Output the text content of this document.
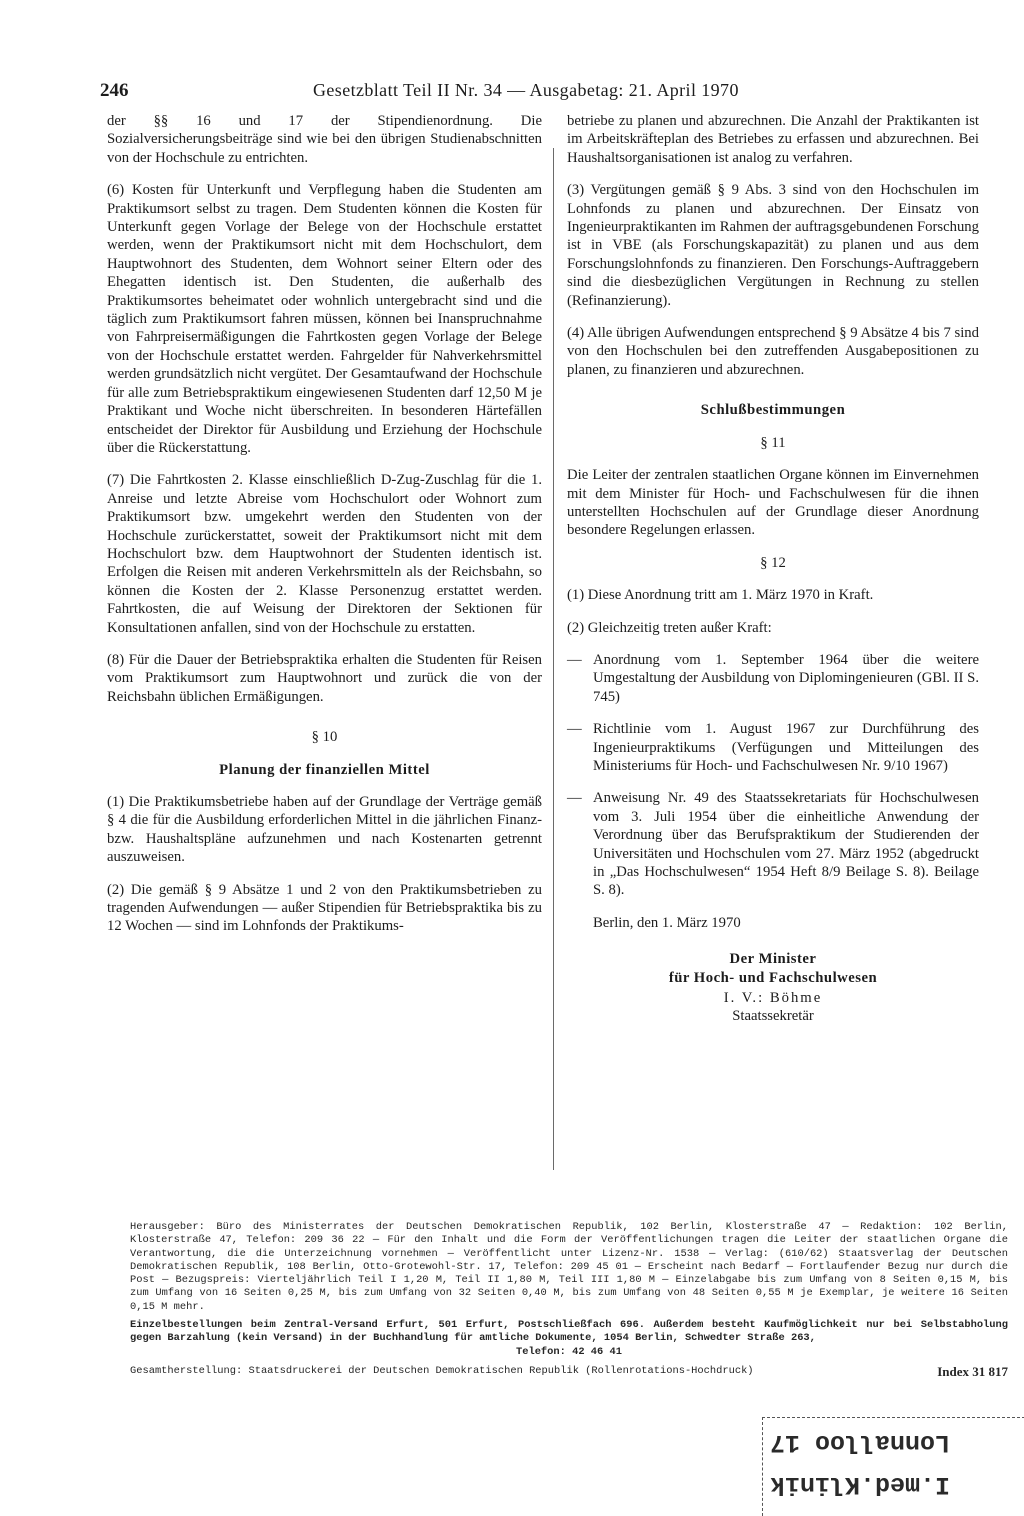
246	Gesetzblatt Teil II Nr. 34 — Ausgabetag: 21. April 1970

der §§ 16 und 17 der Stipendienordnung. Die Sozialversicherungsbeiträge sind wie bei den übrigen Studienabschnitten von der Hochschule zu entrichten.

(6) Kosten für Unterkunft und Verpflegung haben die Studenten am Praktikumsort selbst zu tragen. Dem Studenten können die Kosten für Unterkunft gegen Vorlage der Belege von der Hochschule erstattet werden, wenn der Praktikumsort nicht mit dem Hochschulort, dem Hauptwohnort des Studenten, dem Wohnort seiner Eltern oder des Ehegatten identisch ist. Den Studenten, die außerhalb des Praktikumsortes beheimatet oder wohnlich untergebracht sind und die täglich zum Praktikumsort fahren müssen, können bei Inanspruchnahme von Fahrpreisermäßigungen die Fahrtkosten gegen Vorlage der Belege von der Hochschule erstattet werden. Fahrgelder für Nahverkehrsmittel werden grundsätzlich nicht vergütet. Der Gesamtaufwand der Hochschule für alle zum Betriebspraktikum eingewiesenen Studenten darf 12,50 M je Praktikant und Woche nicht überschreiten. In besonderen Härtefällen entscheidet der Direktor für Ausbildung und Erziehung der Hochschule über die Rückerstattung.

(7) Die Fahrtkosten 2. Klasse einschließlich D-Zug-Zuschlag für die 1. Anreise und letzte Abreise vom Hochschulort oder Wohnort zum Praktikumsort bzw. umgekehrt werden den Studenten von der Hochschule zurückerstattet, soweit der Praktikumsort nicht mit dem Hochschulort bzw. dem Hauptwohnort der Studenten identisch ist. Erfolgen die Reisen mit anderen Verkehrsmitteln als der Reichsbahn, so können die Kosten der 2. Klasse Personenzug erstattet werden. Fahrtkosten, die auf Weisung der Direktoren der Sektionen für Konsultationen anfallen, sind von der Hochschule zu erstatten.

(8) Für die Dauer der Betriebspraktika erhalten die Studenten für Reisen vom Praktikumsort zum Hauptwohnort und zurück die von der Reichsbahn üblichen Ermäßigungen.

§ 10

Planung der finanziellen Mittel

(1) Die Praktikumsbetriebe haben auf der Grundlage der Verträge gemäß § 4 die für die Ausbildung erforderlichen Mittel in die jährlichen Finanz- bzw. Haushaltspläne aufzunehmen und nach Kostenarten getrennt auszuweisen.

(2) Die gemäß § 9 Absätze 1 und 2 von den Praktikumsbetrieben zu tragenden Aufwendungen — außer Stipendien für Betriebspraktika bis zu 12 Wochen — sind im Lohnfonds der Praktikums-

betriebe zu planen und abzurechnen. Die Anzahl der Praktikanten ist im Arbeitskräfteplan des Betriebes zu erfassen und abzurechnen. Bei Haushaltsorganisationen ist analog zu verfahren.

(3) Vergütungen gemäß § 9 Abs. 3 sind von den Hochschulen im Lohnfonds zu planen und abzurechnen. Der Einsatz von Ingenieurpraktikanten im Rahmen der auftragsgebundenen Forschung ist in VBE (als Forschungskapazität) zu planen und aus dem Forschungslohnfonds zu finanzieren. Den Forschungs-Auftraggebern sind die diesbezüglichen Vergütungen in Rechnung zu stellen (Refinanzierung).

(4) Alle übrigen Aufwendungen entsprechend § 9 Absätze 4 bis 7 sind von den Hochschulen bei den zutreffenden Ausgabepositionen zu planen, zu finanzieren und abzurechnen.

Schlußbestimmungen

§ 11

Die Leiter der zentralen staatlichen Organe können im Einvernehmen mit dem Minister für Hoch- und Fachschulwesen für die ihnen unterstellten Hochschulen auf der Grundlage dieser Anordnung besondere Regelungen erlassen.

§ 12

(1) Diese Anordnung tritt am 1. März 1970 in Kraft.

(2) Gleichzeitig treten außer Kraft:

— Anordnung vom 1. September 1964 über die weitere Umgestaltung der Ausbildung von Diplomingenieuren (GBl. II S. 745)

— Richtlinie vom 1. August 1967 zur Durchführung des Ingenieurpraktikums (Verfügungen und Mitteilungen des Ministeriums für Hoch- und Fachschulwesen Nr. 9/10 1967)

— Anweisung Nr. 49 des Staatssekretariats für Hochschulwesen vom 3. Juli 1954 über die einheitliche Anwendung der Verordnung über das Berufspraktikum der Studierenden der Universitäten und Hochschulen vom 27. März 1952 (abgedruckt in „Das Hochschulwesen“ 1954 Heft 8/9 Beilage S. 8). Beilage S. 8).

Berlin, den 1. März 1970

Der Minister

für Hoch- und Fachschulwesen

I. V.: Böhme

Staatssekretär

Herausgeber: Büro des Ministerrates der Deutschen Demokratischen Republik, 102 Berlin, Klosterstraße 47 — Redaktion: 102 Berlin, Klosterstraße 47, Telefon: 209 36 22 — Für den Inhalt und die Form der Veröffentlichungen tragen die Leiter der staatlichen Organe die Verantwortung, die die Unterzeichnung vornehmen — Veröffentlicht unter Lizenz-Nr. 1538 — Verlag: (610/62) Staatsverlag der Deutschen Demokratischen Republik, 108 Berlin, Otto-Grotewohl-Str. 17, Telefon: 209 45 01 — Erscheint nach Bedarf — Fortlaufender Bezug nur durch die Post — Bezugspreis: Vierteljährlich Teil I 1,20 M, Teil II 1,80 M, Teil III 1,80 M — Einzelabgabe bis zum Umfang von 8 Seiten 0,15 M, bis zum Umfang von 16 Seiten 0,25 M, bis zum Umfang von 32 Seiten 0,40 M, bis zum Umfang von 48 Seiten 0,55 M je Exemplar, je weitere 16 Seiten 0,15 M mehr.

Einzelbestellungen beim Zentral-Versand Erfurt, 501 Erfurt, Postschließfach 696. Außerdem besteht Kaufmöglichkeit nur bei Selbstabholung gegen Barzahlung (kein Versand) in der Buchhandlung für amtliche Dokumente, 1054 Berlin, Schwedter Straße 263,

Telefon: 42 46 41

Gesamtherstellung: Staatsdruckerei der Deutschen Demokratischen Republik (Rollenrotations-Hochdruck)	Index 31 817
Lonnalloo 17
I.med.Klinik
